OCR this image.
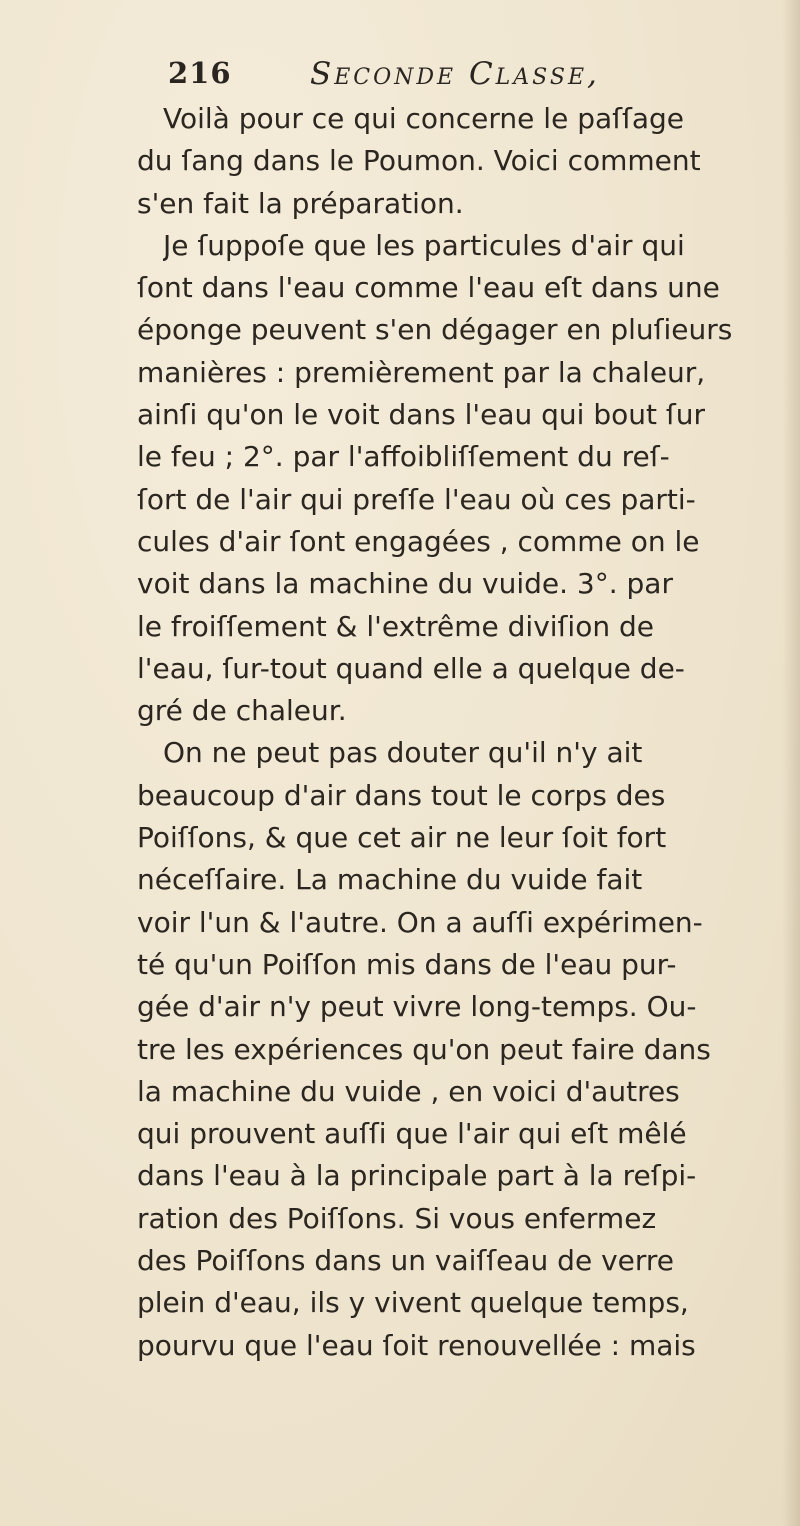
216	Seconde Classe,
Voilà pour ce qui concerne le paſſage
du ſang dans le Poumon. Voici comment
s'en fait la préparation.
Je ſuppoſe que les particules d'air qui
ſont dans l'eau comme l'eau eſt dans une
éponge peuvent s'en dégager en pluſieurs
manières : premièrement par la chaleur,
ainſi qu'on le voit dans l'eau qui bout ſur
le feu ; 2°. par l'affoibliſſement du reſ-
ſort de l'air qui preſſe l'eau où ces parti-
cules d'air ſont engagées , comme on le
voit dans la machine du vuide. 3°. par
le froiſſement & l'extrême diviſion de
l'eau, ſur-tout quand elle a quelque de-
gré de chaleur.
On ne peut pas douter qu'il n'y ait
beaucoup d'air dans tout le corps des
Poiſſons, & que cet air ne leur ſoit fort
néceſſaire. La machine du vuide fait
voir l'un & l'autre. On a auſſi expérimen-
té qu'un Poiſſon mis dans de l'eau pur-
gée d'air n'y peut vivre long-temps. Ou-
tre les expériences qu'on peut faire dans
la machine du vuide , en voici d'autres
qui prouvent auſſi que l'air qui eſt mêlé
dans l'eau à la principale part à la reſpi-
ration des Poiſſons. Si vous enfermez
des Poiſſons dans un vaiſſeau de verre
plein d'eau, ils y vivent quelque temps,
pourvu que l'eau ſoit renouvellée : mais
